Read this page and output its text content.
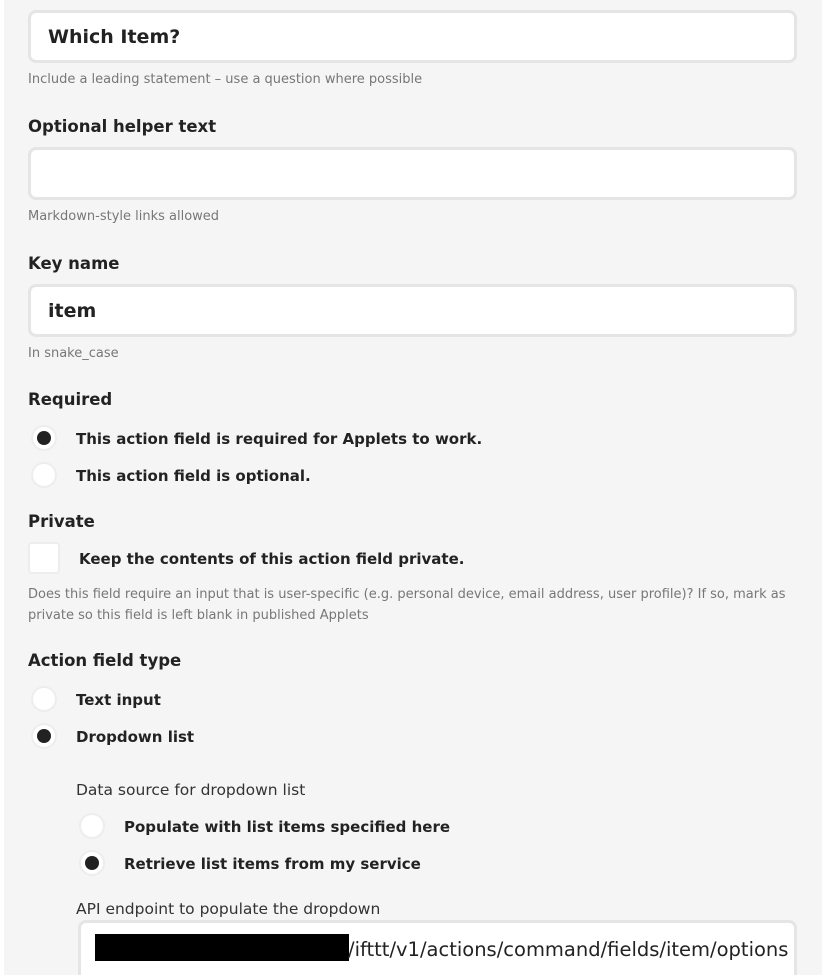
Which Item?
Include a leading statement – use a question where possible
Optional helper text
Markdown-style links allowed
Key name
item
In snake_case
Required
This action field is required for Applets to work.
This action field is optional.
Private
Keep the contents of this action field private.
Does this field require an input that is user-specific (e.g. personal device, email address, user profile)? If so, mark as private so this field is left blank in published Applets
Action field type
Text input
Dropdown list
Data source for dropdown list
Populate with list items specified here
Retrieve list items from my service
API endpoint to populate the dropdown
/ifttt/v1/actions/command/fields/item/options
